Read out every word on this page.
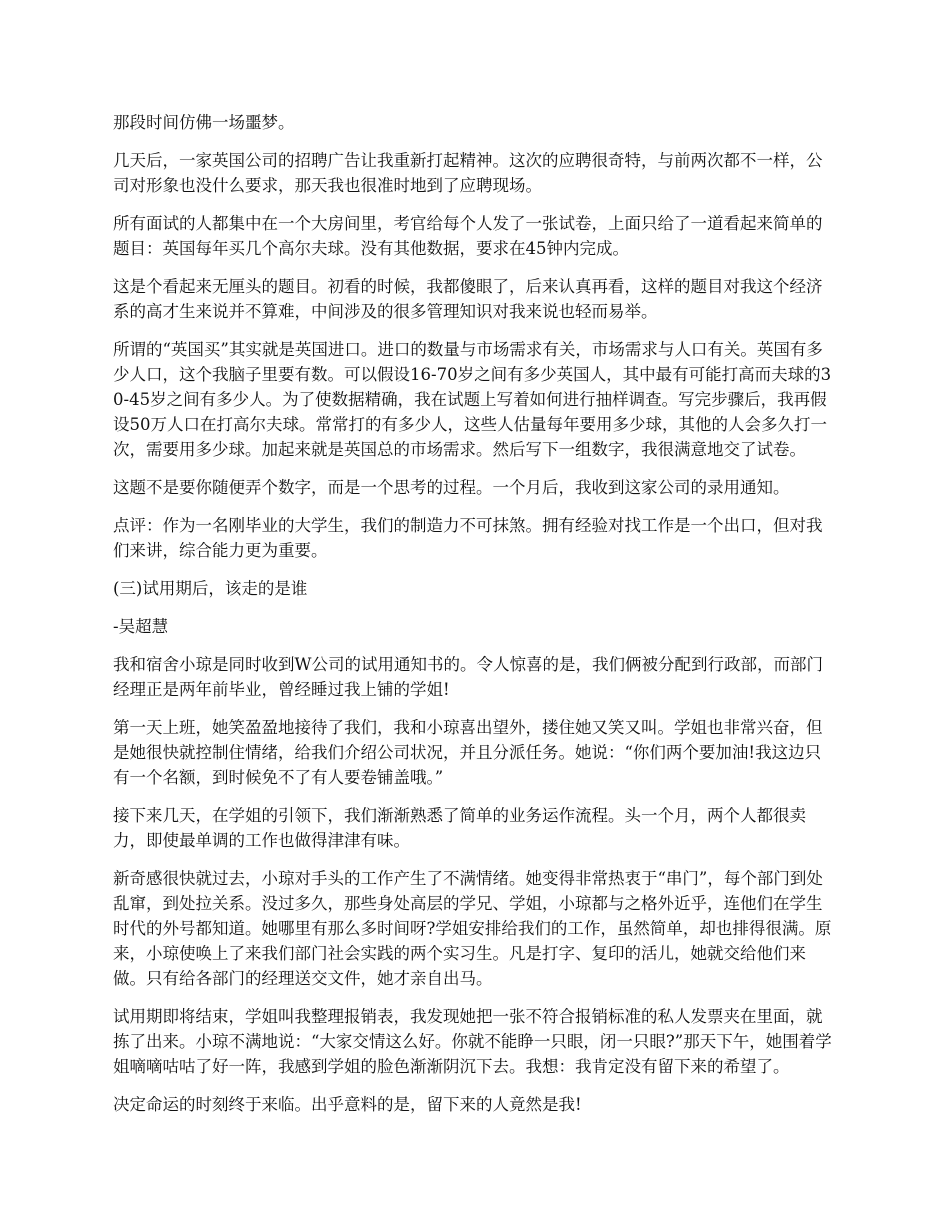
那段时间仿佛一场噩梦。

几天后，一家英国公司的招聘广告让我重新打起精神。这次的应聘很奇特，与前两次都不一样，公司对形象也没什么要求，那天我也很准时地到了应聘现场。

所有面试的人都集中在一个大房间里，考官给每个人发了一张试卷，上面只给了一道看起来简单的题目：英国每年买几个高尔夫球。没有其他数据，要求在45钟内完成。

这是个看起来无厘头的题目。初看的时候，我都傻眼了，后来认真再看，这样的题目对我这个经济系的高才生来说并不算难，中间涉及的很多管理知识对我来说也轻而易举。

所谓的“英国买”其实就是英国进口。进口的数量与市场需求有关，市场需求与人口有关。英国有多少人口，这个我脑子里要有数。可以假设16-70岁之间有多少英国人，其中最有可能打高而夫球的30-45岁之间有多少人。为了使数据精确，我在试题上写着如何进行抽样调查。写完步骤后，我再假设50万人口在打高尔夫球。常常打的有多少人，这些人估量每年要用多少球，其他的人会多久打一次，需要用多少球。加起来就是英国总的市场需求。然后写下一组数字，我很满意地交了试卷。

这题不是要你随便弄个数字，而是一个思考的过程。一个月后，我收到这家公司的录用通知。

点评：作为一名刚毕业的大学生，我们的制造力不可抹煞。拥有经验对找工作是一个出口，但对我们来讲，综合能力更为重要。

(三)试用期后，该走的是谁

-吴超慧

我和宿舍小琼是同时收到W公司的试用通知书的。令人惊喜的是，我们俩被分配到行政部，而部门经理正是两年前毕业，曾经睡过我上铺的学姐!

第一天上班，她笑盈盈地接待了我们，我和小琼喜出望外，搂住她又笑又叫。学姐也非常兴奋，但是她很快就控制住情绪，给我们介绍公司状况，并且分派任务。她说：“你们两个要加油!我这边只有一个名额，到时候免不了有人要卷铺盖哦。”

接下来几天，在学姐的引领下，我们渐渐熟悉了简单的业务运作流程。头一个月，两个人都很卖力，即使最单调的工作也做得津津有味。

新奇感很快就过去，小琼对手头的工作产生了不满情绪。她变得非常热衷于“串门”，每个部门到处乱窜，到处拉关系。没过多久，那些身处高层的学兄、学姐，小琼都与之格外近乎，连他们在学生时代的外号都知道。她哪里有那么多时间呀?学姐安排给我们的工作，虽然简单，却也排得很满。原来，小琼使唤上了来我们部门社会实践的两个实习生。凡是打字、复印的活儿，她就交给他们来做。只有给各部门的经理送交文件，她才亲自出马。

试用期即将结束，学姐叫我整理报销表，我发现她把一张不符合报销标准的私人发票夹在里面，就拣了出来。小琼不满地说：“大家交情这么好。你就不能睁一只眼，闭一只眼?”那天下午，她围着学姐嘀嘀咕咕了好一阵，我感到学姐的脸色渐渐阴沉下去。我想：我肯定没有留下来的希望了。

决定命运的时刻终于来临。出乎意料的是，留下来的人竟然是我!
